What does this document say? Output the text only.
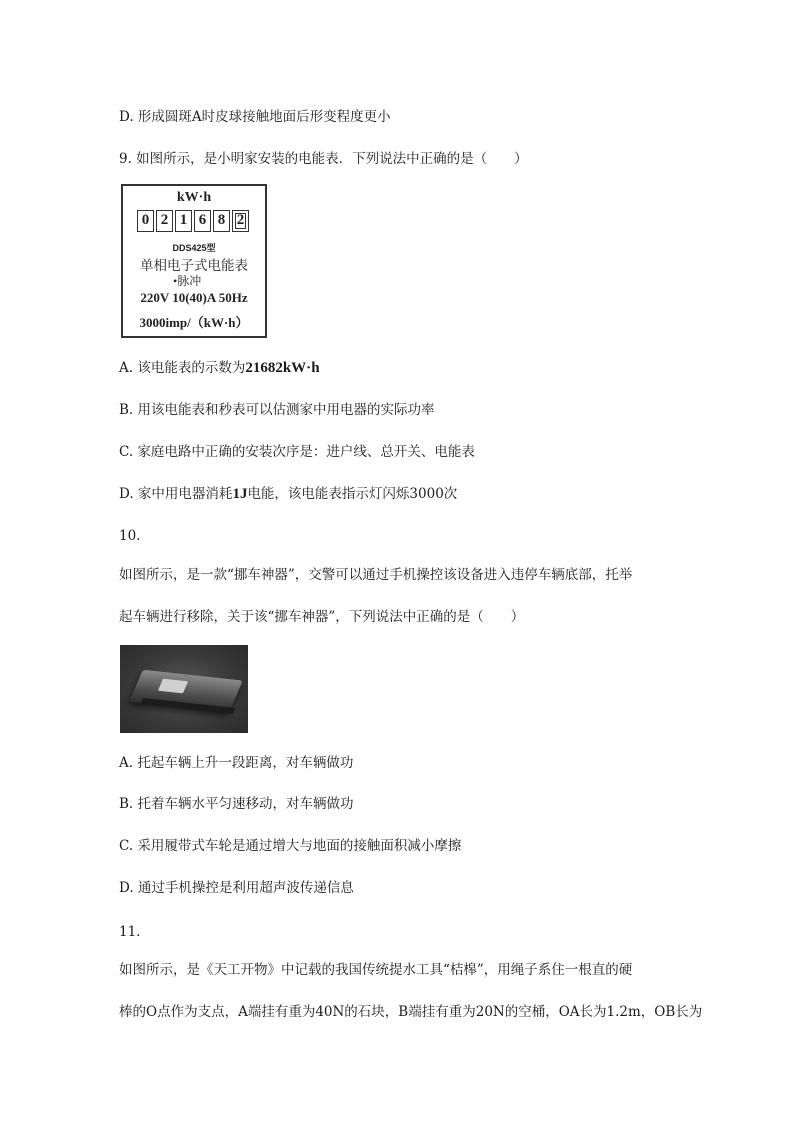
D. 形成圆斑A时皮球接触地面后形变程度更小
9. 如图所示，是小明家安装的电能表．下列说法中正确的是（　　）
kW·h
0 2 1 6 8 2
DDS425型
单相电子式电能表
•脉冲
220V 10(40)A 50Hz
3000imp/（kW·h）
A. 该电能表的示数为21682kW·h
B. 用该电能表和秒表可以估测家中用电器的实际功率
C. 家庭电路中正确的安装次序是：进户线、总开关、电能表
D. 家中用电器消耗1J电能，该电能表指示灯闪烁3000次
10.
如图所示，是一款“挪车神器”，交警可以通过手机操控该设备进入违停车辆底部，托举
起车辆进行移除，关于该“挪车神器”，下列说法中正确的是（　　）
A. 托起车辆上升一段距离，对车辆做功
B. 托着车辆水平匀速移动，对车辆做功
C. 采用履带式车轮是通过增大与地面的接触面积减小摩擦
D. 通过手机操控是利用超声波传递信息
11.
如图所示，是《天工开物》中记载的我国传统提水工具“桔槔”，用绳子系住一根直的硬
棒的O点作为支点，A端挂有重为40N的石块，B端挂有重为20N的空桶，OA长为1.2m，OB长为
